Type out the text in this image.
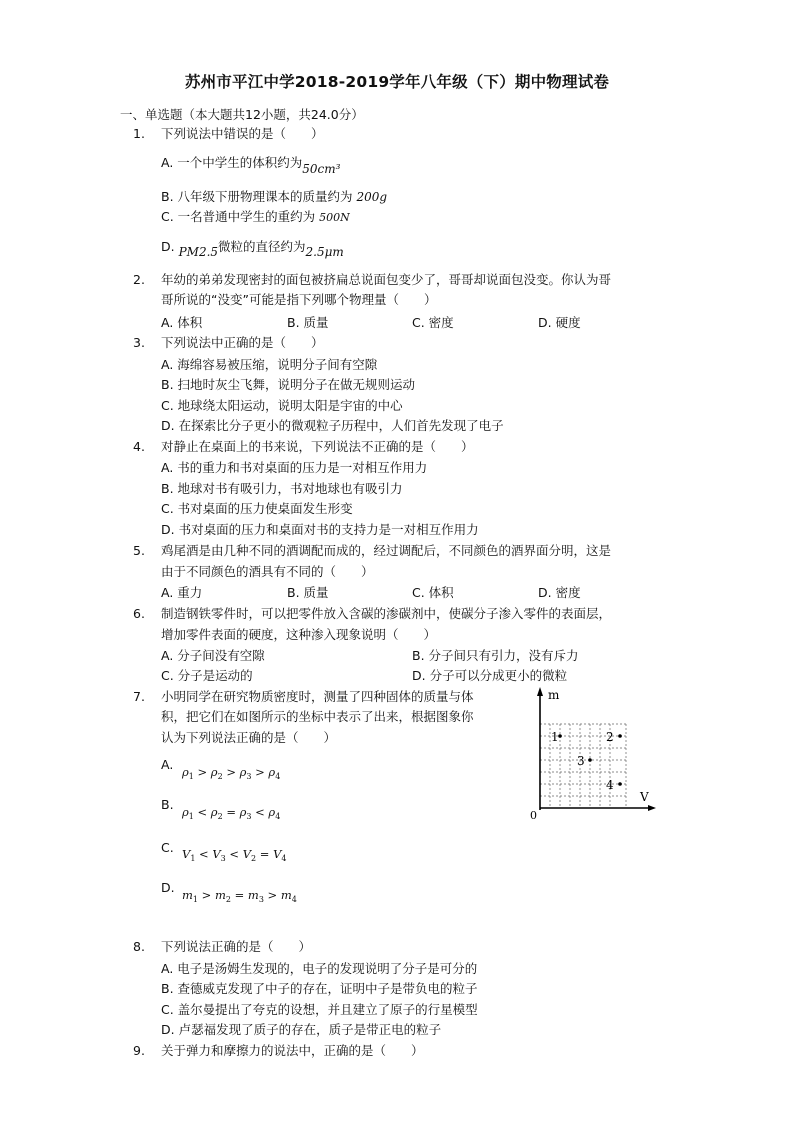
苏州市平江中学2018-2019学年八年级（下）期中物理试卷
一、单选题（本大题共12小题，共24.0分）
1. 下列说法中错误的是（　　）
A. 一个中学生的体积约为50cm³
B. 八年级下册物理课本的质量约为 200g
C. 一名普通中学生的重约为 500N
D. PM2.5微粒的直径约为2.5μm
2. 年幼的弟弟发现密封的面包被挤扁总说面包变少了，哥哥却说面包没变。你认为哥
哥所说的“没变”可能是指下列哪个物理量（　　）
A. 体积	B. 质量	C. 密度	D. 硬度
3. 下列说法中正确的是（　　）
A. 海绵容易被压缩，说明分子间有空隙
B. 扫地时灰尘飞舞，说明分子在做无规则运动
C. 地球绕太阳运动，说明太阳是宇宙的中心
D. 在探索比分子更小的微观粒子历程中，人们首先发现了电子
4. 对静止在桌面上的书来说，下列说法不正确的是（　　）
A. 书的重力和书对桌面的压力是一对相互作用力
B. 地球对书有吸引力，书对地球也有吸引力
C. 书对桌面的压力使桌面发生形变
D. 书对桌面的压力和桌面对书的支持力是一对相互作用力
5. 鸡尾酒是由几种不同的酒调配而成的，经过调配后，不同颜色的酒界面分明，这是
由于不同颜色的酒具有不同的（　　）
A. 重力	B. 质量	C. 体积	D. 密度
6. 制造钢铁零件时，可以把零件放入含碳的渗碳剂中，使碳分子渗入零件的表面层，
增加零件表面的硬度，这种渗入现象说明（　　）
A. 分子间没有空隙	B. 分子间只有引力，没有斥力
C. 分子是运动的	D. 分子可以分成更小的微粒
7. 小明同学在研究物质密度时，测量了四种固体的质量与体
积，把它们在如图所示的坐标中表示了出来，根据图象你
认为下列说法正确的是（　　）
A. $\rho_1 > \rho_2 > \rho_3 > \rho_4$
B. $\rho_1 < \rho_2 = \rho_3 < \rho_4$
C. $V_1 < V_3 < V_2 = V_4$
D. $m_1 > m_2 = m_3 > m_4$
m
V
0
1	2
3
4
8. 下列说法正确的是（　　）
A. 电子是汤姆生发现的，电子的发现说明了分子是可分的
B. 查德威克发现了中子的存在，证明中子是带负电的粒子
C. 盖尔曼提出了夸克的设想，并且建立了原子的行星模型
D. 卢瑟福发现了质子的存在，质子是带正电的粒子
9. 关于弹力和摩擦力的说法中，正确的是（　　）
